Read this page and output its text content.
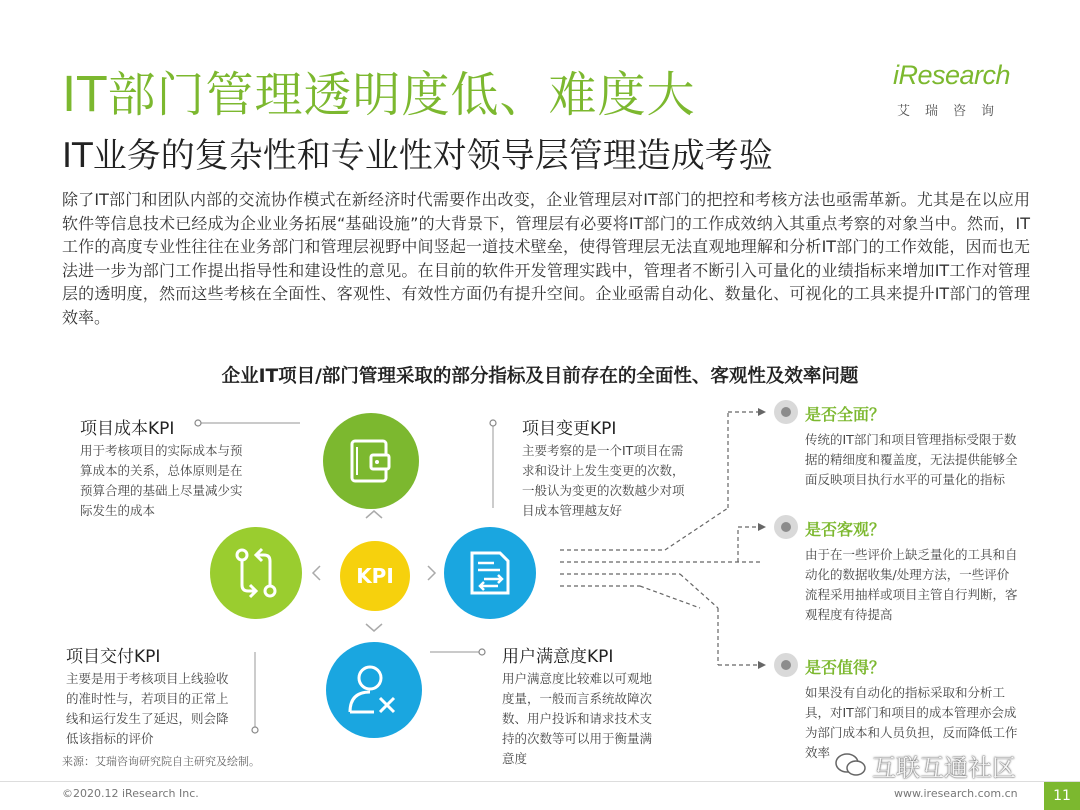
IT部门管理透明度低、难度大
IT业务的复杂性和专业性对领导层管理造成考验
iResearch
艾瑞咨询
除了IT部门和团队内部的交流协作模式在新经济时代需要作出改变，企业管理层对IT部门的把控和考核方法也亟需革新。尤其是在以应用软件等信息技术已经成为企业业务拓展“基础设施”的大背景下，管理层有必要将IT部门的工作成效纳入其重点考察的对象当中。然而，IT工作的高度专业性往往在业务部门和管理层视野中间竖起一道技术壁垒，使得管理层无法直观地理解和分析IT部门的工作效能，因而也无法进一步为部门工作提出指导性和建设性的意见。在目前的软件开发管理实践中，管理者不断引入可量化的业绩指标来增加IT工作对管理层的透明度，然而这些考核在全面性、客观性、有效性方面仍有提升空间。企业亟需自动化、数量化、可视化的工具来提升IT部门的管理效率。
企业IT项目/部门管理采取的部分指标及目前存在的全面性、客观性及效率问题
KPI
项目成本KPI
用于考核项目的实际成本与预算成本的关系，总体原则是在预算合理的基础上尽量减少实际发生的成本
项目变更KPI
主要考察的是一个IT项目在需求和设计上发生变更的次数，一般认为变更的次数越少对项目成本管理越友好
项目交付KPI
主要是用于考核项目上线验收的准时性与，若项目的正常上线和运行发生了延迟，则会降低该指标的评价
用户满意度KPI
用户满意度比较难以可观地度量，一般而言系统故障次数、用户投诉和请求技术支持的次数等可以用于衡量满意度
是否全面？
传统的IT部门和项目管理指标受限于数据的精细度和覆盖度，无法提供能够全面反映项目执行水平的可量化的指标
是否客观？
由于在一些评价上缺乏量化的工具和自动化的数据收集/处理方法，一些评价流程采用抽样或项目主管自行判断，客观程度有待提高
是否值得？
如果没有自动化的指标采取和分析工具，对IT部门和项目的成本管理亦会成为部门成本和人员负担，反而降低工作效率
来源：艾瑞咨询研究院自主研究及绘制。
©2020.12 iResearch Inc.	www.iresearch.com.cn	11
互联互通社区
